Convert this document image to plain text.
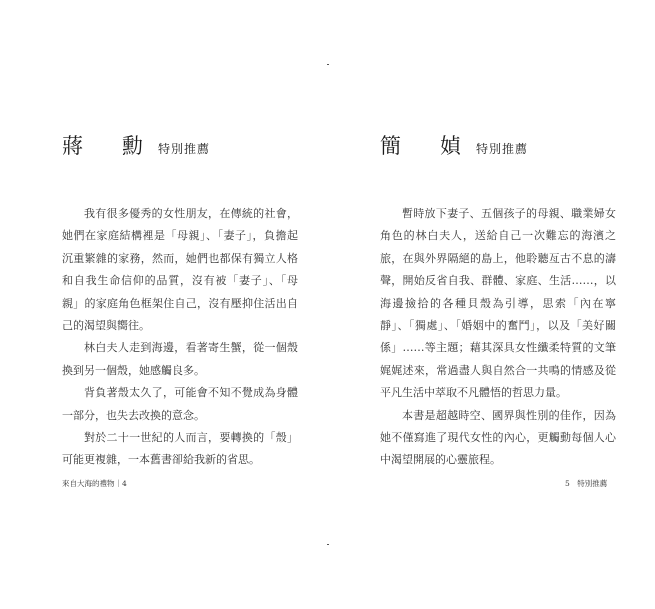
蔣　勳 特別推薦

我有很多優秀的女性朋友，在傳統的社會，她們在家庭結構裡是「母親」、「妻子」，負擔起沉重繁雜的家務，然而，她們也都保有獨立人格和自我生命信仰的品質，沒有被「妻子」、「母親」的家庭角色框架住自己，沒有壓抑住活出自己的渴望與嚮往。

林白夫人走到海邊，看著寄生蟹，從一個殼換到另一個殼，她感觸良多。

背負著殼太久了，可能會不知不覺成為身體一部分，也失去改換的意念。

對於二十一世紀的人而言，要轉換的「殼」可能更複雜，一本舊書卻給我新的省思。

來自大海的禮物｜4
簡　媜 特別推薦

暫時放下妻子、五個孩子的母親、職業婦女角色的林白夫人，送給自己一次難忘的海濱之旅，在與外界隔絕的島上，他聆聽亙古不息的濤聲，開始反省自我、群體、家庭、生活……，以海邊撿拾的各種貝殼為引導，思索「內在寧靜」、「獨處」、「婚姻中的奮鬥」，以及「美好關係」……等主題；藉其深具女性纖柔特質的文筆娓娓述來，常過盡人與自然合一共鳴的情感及從平凡生活中萃取不凡體悟的哲思力量。

本書是超越時空、國界與性別的佳作，因為她不僅寫進了現代女性的內心，更觸動每個人心中渴望開展的心靈旅程。

5　特別推薦
